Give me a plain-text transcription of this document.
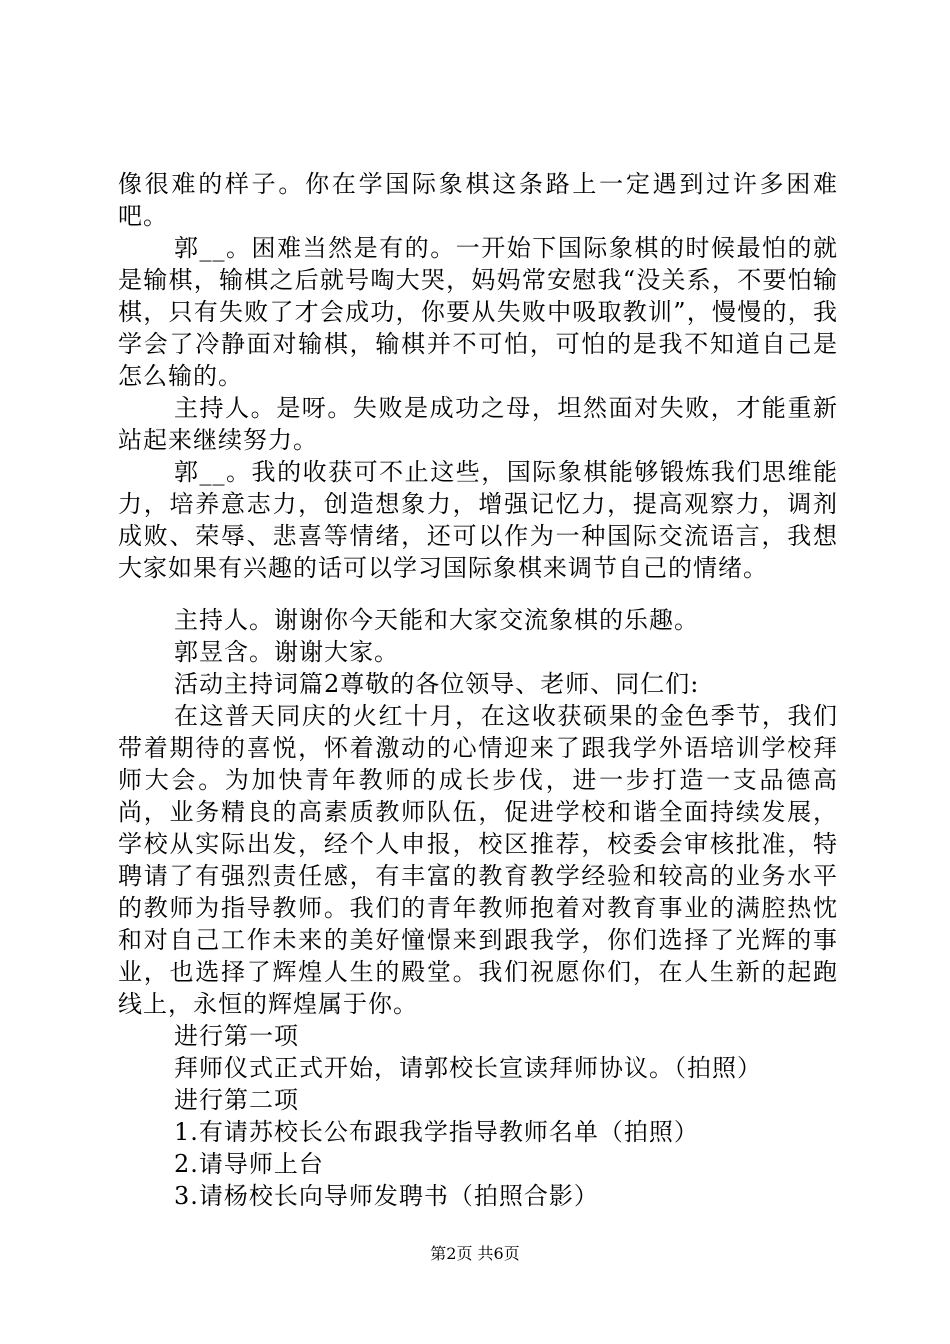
像很难的样子。你在学国际象棋这条路上一定遇到过许多困难吧。

郭__。困难当然是有的。一开始下国际象棋的时候最怕的就是输棋，输棋之后就号啕大哭，妈妈常安慰我“没关系，不要怕输棋，只有失败了才会成功，你要从失败中吸取教训”，慢慢的，我学会了冷静面对输棋，输棋并不可怕，可怕的是我不知道自己是怎么输的。

主持人。是呀。失败是成功之母，坦然面对失败，才能重新站起来继续努力。

郭__。我的收获可不止这些，国际象棋能够锻炼我们思维能力，培养意志力，创造想象力，增强记忆力，提高观察力，调剂成败、荣辱、悲喜等情绪，还可以作为一种国际交流语言，我想大家如果有兴趣的话可以学习国际象棋来调节自己的情绪。

主持人。谢谢你今天能和大家交流象棋的乐趣。

郭昱含。谢谢大家。

活动主持词篇2尊敬的各位领导、老师、同仁们:

在这普天同庆的火红十月，在这收获硕果的金色季节，我们带着期待的喜悦，怀着激动的心情迎来了跟我学外语培训学校拜师大会。为加快青年教师的成长步伐，进一步打造一支品德高尚，业务精良的高素质教师队伍，促进学校和谐全面持续发展，学校从实际出发，经个人申报，校区推荐，校委会审核批准，特聘请了有强烈责任感，有丰富的教育教学经验和较高的业务水平的教师为指导教师。我们的青年教师抱着对教育事业的满腔热忱和对自己工作未来的美好憧憬来到跟我学，你们选择了光辉的事业，也选择了辉煌人生的殿堂。我们祝愿你们，在人生新的起跑线上，永恒的辉煌属于你。

进行第一项

拜师仪式正式开始，请郭校长宣读拜师协议。（拍照）

进行第二项

1.有请苏校长公布跟我学指导教师名单（拍照）

2.请导师上台

3.请杨校长向导师发聘书（拍照合影）

第2页 共6页
